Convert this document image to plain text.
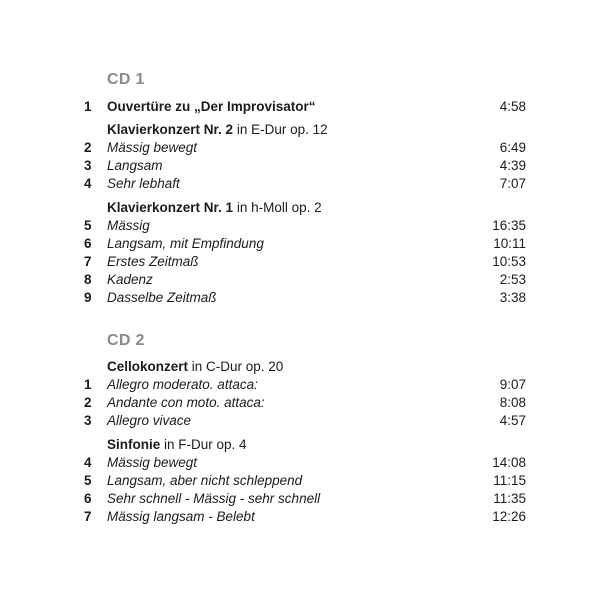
CD 1
1	Ouvertüre zu „Der Improvisator“	4:58
Klavierkonzert Nr. 2 in E-Dur op. 12
2	Mässig bewegt	6:49
3	Langsam	4:39
4	Sehr lebhaft	7:07
Klavierkonzert Nr. 1 in h-Moll op. 2
5	Mässig	16:35
6	Langsam, mit Empfindung	10:11
7	Erstes Zeitmaß	10:53
8	Kadenz	2:53
9	Dasselbe Zeitmaß	3:38
CD 2
Cellokonzert in C-Dur op. 20
1	Allegro moderato. attaca:	9:07
2	Andante con moto. attaca:	8:08
3	Allegro vivace	4:57
Sinfonie in F-Dur op. 4
4	Mässig bewegt	14:08
5	Langsam, aber nicht schleppend	11:15
6	Sehr schnell - Mässig - sehr schnell	11:35
7	Mässig langsam - Belebt	12:26
